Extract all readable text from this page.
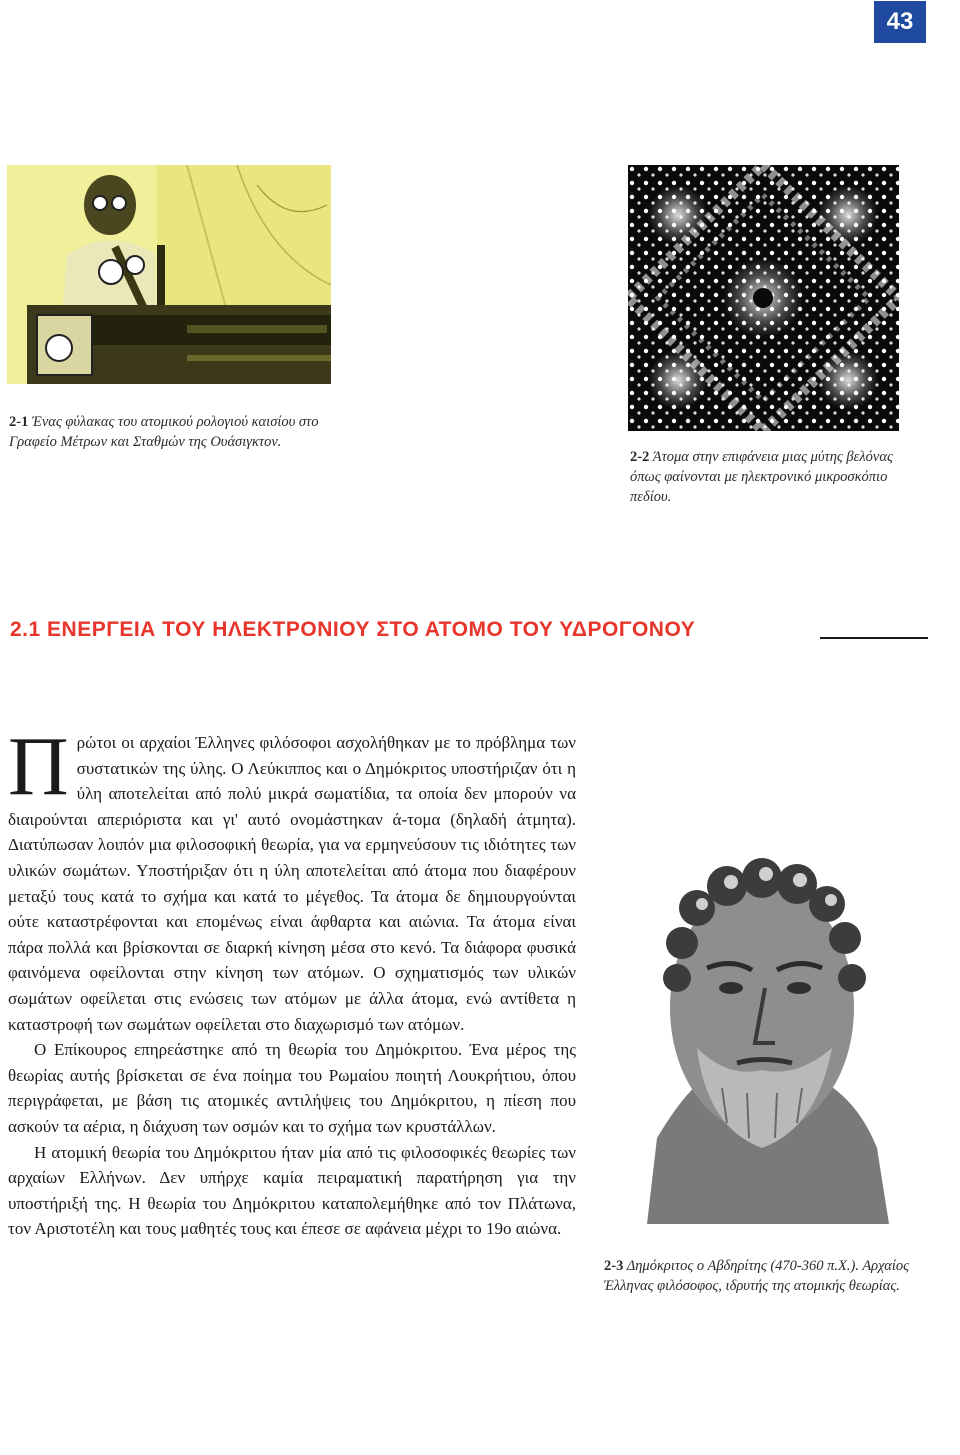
43
2-1 Ένας φύλακας του ατομικού ρολογιού καισίου στο Γραφείο Μέτρων και Σταθμών της Ουάσιγκτον.
2-2 Άτομα στην επιφάνεια μιας μύτης βελόνας όπως φαίνονται με ηλεκτρονικό μικροσκόπιο πεδίου.
2-3 Δημόκριτος ο Αβδηρίτης (470-360 π.Χ.). Αρχαίος Έλληνας φιλόσοφος, ιδρυτής της ατομικής θεωρίας.
2.1 ΕΝΕΡΓΕΙΑ ΤΟΥ ΗΛΕΚΤΡΟΝΙΟΥ ΣΤΟ ΑΤΟΜΟ ΤΟΥ ΥΔΡΟΓΟΝΟΥ

Πρώτοι οι αρχαίοι Έλληνες φιλόσοφοι ασχολήθηκαν με το πρόβλημα των συστατικών της ύλης. Ο Λεύκιππος και ο Δημόκριτος υποστήριζαν ότι η ύλη αποτελείται από πολύ μικρά σωματίδια, τα οποία δεν μπορούν να διαιρούνται απεριόριστα και γι' αυτό ονομάστηκαν ά-τομα (δηλαδή άτμητα). Διατύπωσαν λοιπόν μια φιλοσοφική θεωρία, για να ερμηνεύσουν τις ιδιότητες των υλικών σωμάτων. Υποστήριξαν ότι η ύλη αποτελείται από άτομα που διαφέρουν μεταξύ τους κατά το σχήμα και κατά το μέγεθος. Τα άτομα δε δημιουργούνται ούτε καταστρέφονται και επομένως είναι άφθαρτα και αιώνια. Τα άτομα είναι πάρα πολλά και βρίσκονται σε διαρκή κίνηση μέσα στο κενό. Τα διάφορα φυσικά φαινόμενα οφείλονται στην κίνηση των ατόμων. Ο σχηματισμός των υλικών σωμάτων οφείλεται στις ενώσεις των ατόμων με άλλα άτομα, ενώ αντίθετα η καταστροφή των σωμάτων οφείλεται στο διαχωρισμό των ατόμων.

Ο Επίκουρος επηρεάστηκε από τη θεωρία του Δημόκριτου. Ένα μέρος της θεωρίας αυτής βρίσκεται σε ένα ποίημα του Ρωμαίου ποιητή Λουκρήτιου, όπου περιγράφεται, με βάση τις ατομικές αντιλήψεις του Δημόκριτου, η πίεση που ασκούν τα αέρια, η διάχυση των οσμών και το σχήμα των κρυστάλλων.

Η ατομική θεωρία του Δημόκριτου ήταν μία από τις φιλοσοφικές θεωρίες των αρχαίων Ελλήνων. Δεν υπήρχε καμία πειραματική παρατήρηση για την υποστήριξή της. Η θεωρία του Δημόκριτου καταπολεμήθηκε από τον Πλάτωνα, τον Αριστοτέλη και τους μαθητές τους και έπεσε σε αφάνεια μέχρι το 19ο αιώνα.
